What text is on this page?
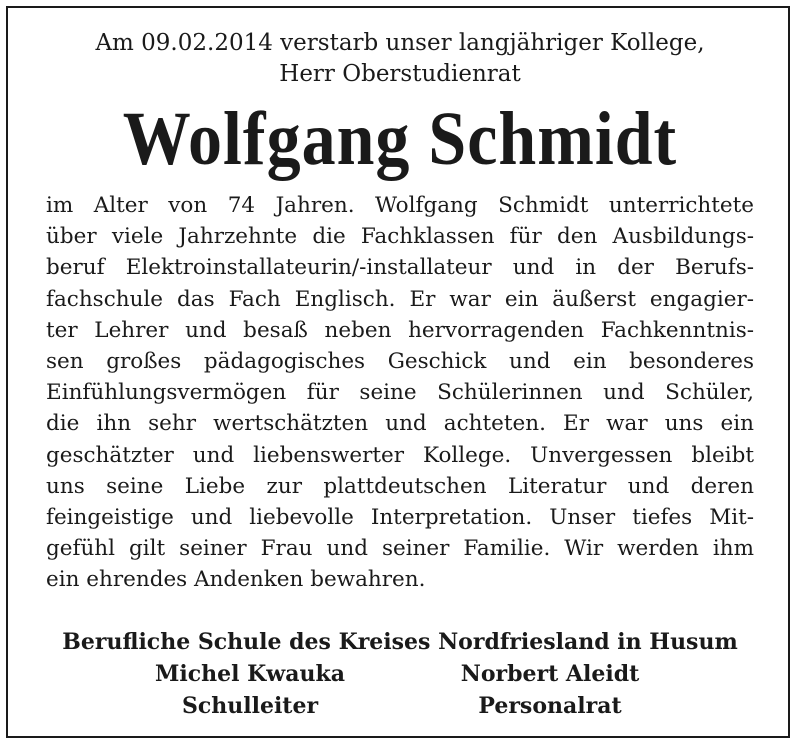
Am 09.02.2014 verstarb unser langjähriger Kollege,
Herr Oberstudienrat
Wolfgang Schmidt
im Alter von 74 Jahren. Wolfgang Schmidt unterrichtete
über viele Jahrzehnte die Fachklassen für den Ausbildungs-
beruf Elektroinstallateurin/-installateur und in der Berufs-
fachschule das Fach Englisch. Er war ein äußerst engagier-
ter Lehrer und besaß neben hervorragenden Fachkenntnis-
sen großes pädagogisches Geschick und ein besonderes
Einfühlungsvermögen für seine Schülerinnen und Schüler,
die ihn sehr wertschätzten und achteten. Er war uns ein
geschätzter und liebenswerter Kollege. Unvergessen bleibt
uns seine Liebe zur plattdeutschen Literatur und deren
feingeistige und liebevolle Interpretation. Unser tiefes Mit-
gefühl gilt seiner Frau und seiner Familie. Wir werden ihm
ein ehrendes Andenken bewahren.
Berufliche Schule des Kreises Nordfriesland in Husum
Michel Kwauka	Norbert Aleidt
Schulleiter	Personalrat
